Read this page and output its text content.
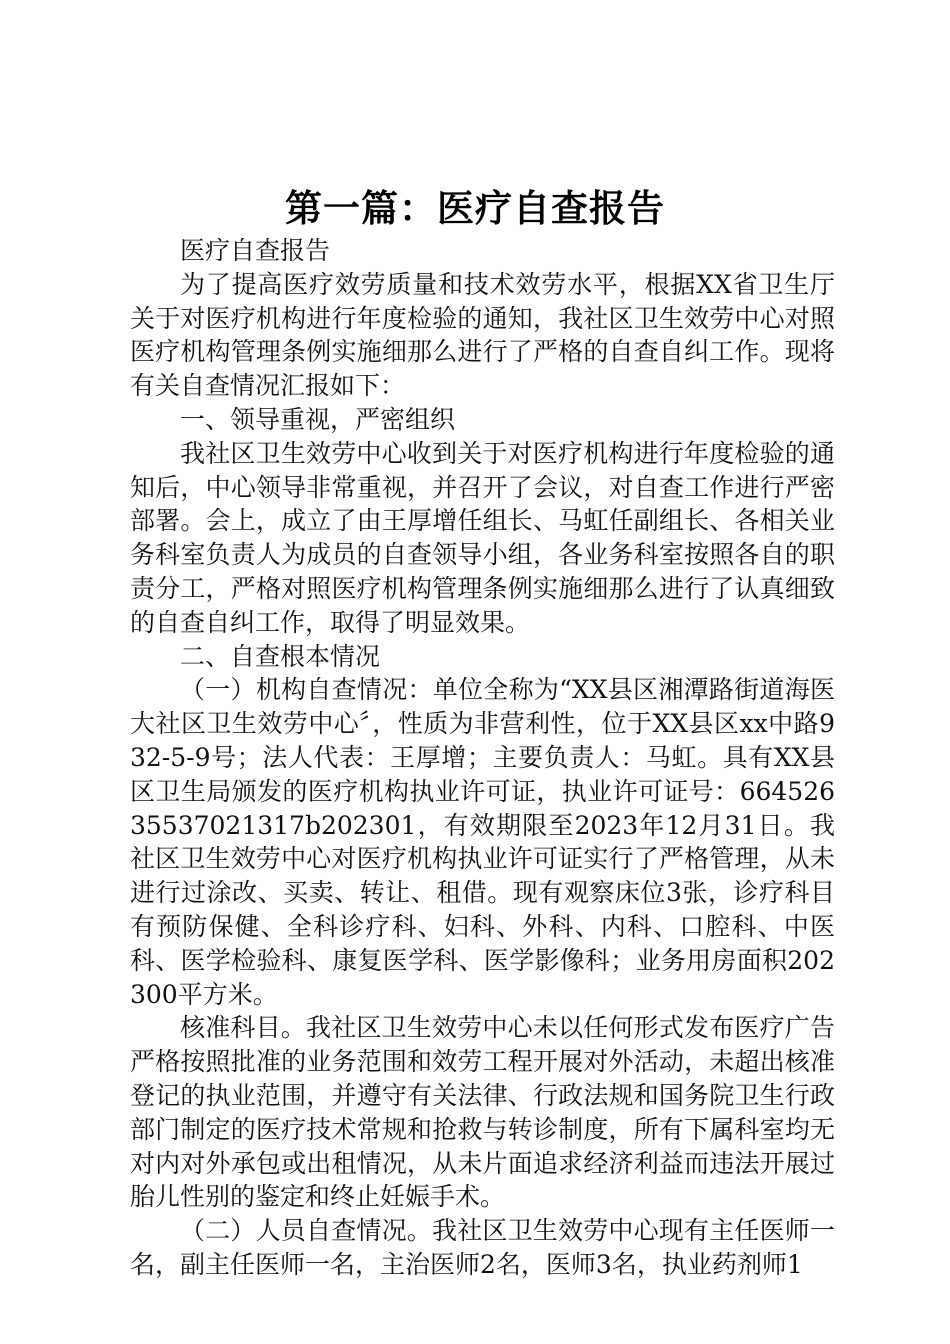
第一篇：医疗自查报告

医疗自查报告

为了提高医疗效劳质量和技术效劳水平，根据XX省卫生厅关于对医疗机构进行年度检验的通知，我社区卫生效劳中心对照医疗机构管理条例实施细那么进行了严格的自查自纠工作。现将有关自查情况汇报如下：

一、领导重视，严密组织

我社区卫生效劳中心收到关于对医疗机构进行年度检验的通知后，中心领导非常重视，并召开了会议，对自查工作进行严密部署。会上，成立了由王厚增任组长、马虹任副组长、各相关业务科室负责人为成员的自查领导小组，各业务科室按照各自的职责分工，严格对照医疗机构管理条例实施细那么进行了认真细致的自查自纠工作，取得了明显效果。

二、自查根本情况

（一）机构自查情况：单位全称为“XX县区湘潭路街道海医大社区卫生效劳中心〞，性质为非营利性，位于XX县区xx中路932-5-9号；法人代表：王厚增；主要负责人：马虹。具有XX县区卫生局颁发的医疗机构执业许可证，执业许可证号：66452635537021317b202301，有效期限至2023年12月31日。我社区卫生效劳中心对医疗机构执业许可证实行了严格管理，从未进行过涂改、买卖、转让、租借。现有观察床位3张，诊疗科目有预防保健、全科诊疗科、妇科、外科、内科、口腔科、中医科、医学检验科、康复医学科、医学影像科；业务用房面积202300平方米。

核准科目。我社区卫生效劳中心未以任何形式发布医疗广告严格按照批准的业务范围和效劳工程开展对外活动，未超出核准登记的执业范围，并遵守有关法律、行政法规和国务院卫生行政部门制定的医疗技术常规和抢救与转诊制度，所有下属科室均无对内对外承包或出租情况，从未片面追求经济利益而违法开展过胎儿性别的鉴定和终止妊娠手术。

（二）人员自查情况。我社区卫生效劳中心现有主任医师一名，副主任医师一名，主治医师2名，医师3名，执业药剂师1
